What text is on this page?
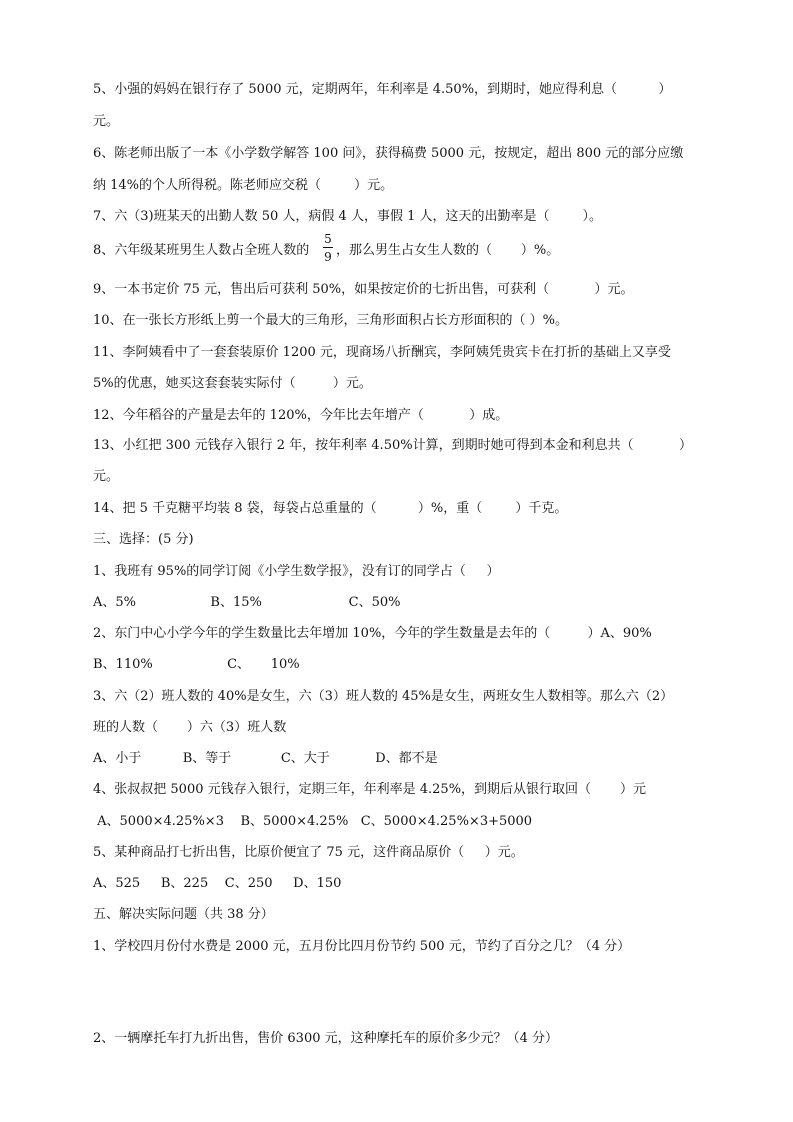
5、小强的妈妈在银行存了 5000 元，定期两年，年利率是 4.50%，到期时，她应得利息（          ）
元。
6、陈老师出版了一本《小学数学解答 100 问》，获得稿费 5000 元，按规定，超出 800 元的部分应缴
纳 14%的个人所得税。陈老师应交税（        ）元。
7、六（3)班某天的出勤人数 50 人，病假 4 人，事假 1 人，这天的出勤率是（        ）。
8、六年级某班男生人数占全班人数的
5
9 ，那么男生占女生人数的（       ）%。
9、一本书定价 75 元，售出后可获利 50%，如果按定价的七折出售，可获利（           ）元。
10、在一张长方形纸上剪一个最大的三角形，三角形面积占长方形面积的（ ）%。
11、李阿姨看中了一套套装原价 1200 元，现商场八折酬宾，李阿姨凭贵宾卡在打折的基础上又享受
5%的优惠，她买这套套装实际付（         ）元。
12、今年稻谷的产量是去年的 120%，今年比去年增产（           ）成。
13、小红把 300 元钱存入银行 2 年，按年利率 4.50%计算，到期时她可得到本金和利息共（           ）
元。
14、把 5 千克糖平均装 8 袋，每袋占总重量的（          ）%，重（        ）千克。
三、选择：(5 分)
1、我班有 95%的同学订阅《小学生数学报》，没有订的同学占（     ）
A、5%                  B、15%                     C、50%
2、东门中心小学今年的学生数量比去年增加 10%，今年的学生数量是去年的（         ）A、90%
B、110%                  C、     10%
3、六（2）班人数的 40%是女生，六（3）班人数的 45%是女生，两班女生人数相等。那么六（2）
班的人数（       ）六（3）班人数
A、小于          B、等于            C、大于           D、都不是
4、张叔叔把 5000 元钱存入银行，定期三年，年利率是 4.25%，到期后从银行取回（       ）元
A、5000×4.25%×3    B、5000×4.25%   C、5000×4.25%×3+5000
5、某种商品打七折出售，比原价便宜了 75 元，这件商品原价（     ）元。
A、525     B、225    C、250     D、150
五、解决实际问题（共 38 分）
1、学校四月份付水费是 2000 元，五月份比四月份节约 500 元，节约了百分之几？（4 分）
2、一辆摩托车打九折出售，售价 6300 元，这种摩托车的原价多少元？（4 分）
